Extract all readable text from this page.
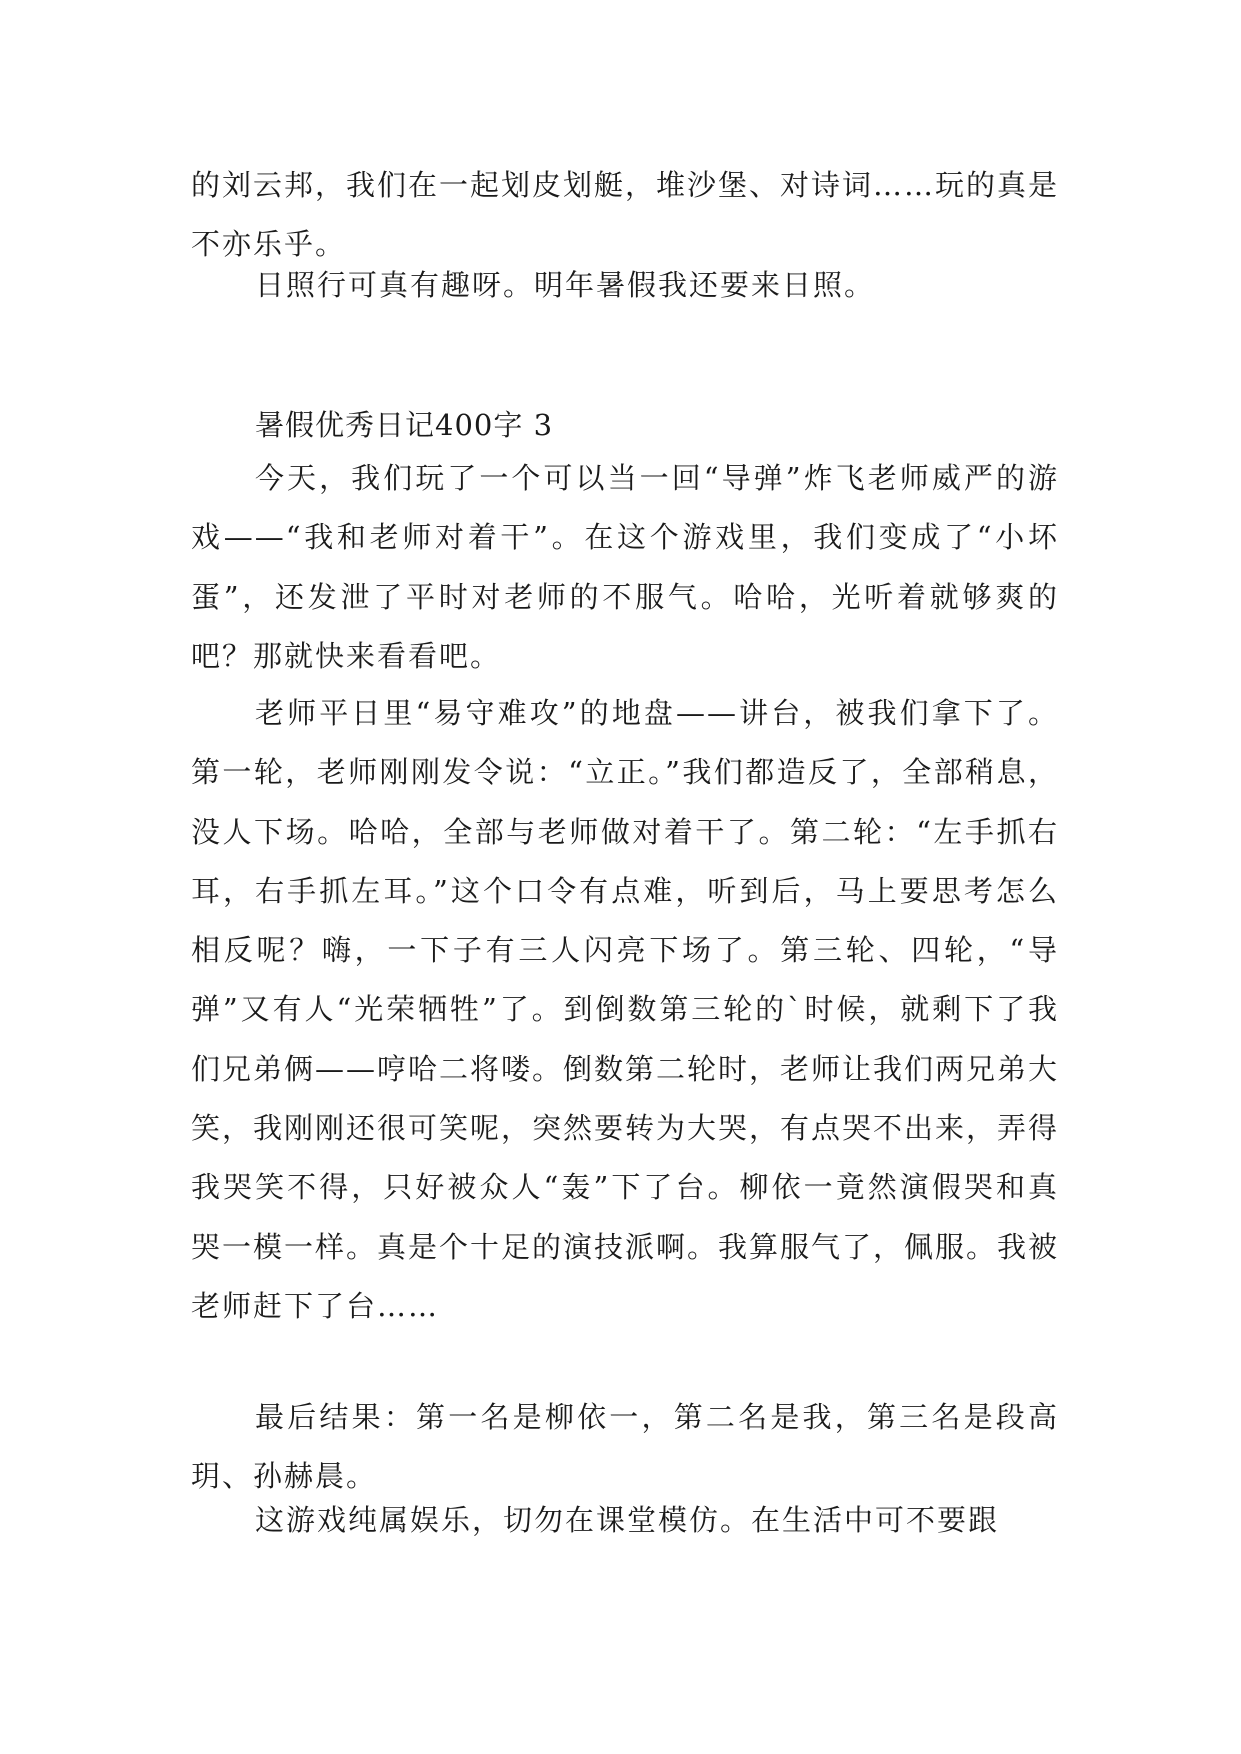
的刘云邦，我们在一起划皮划艇，堆沙堡、对诗词……玩的真是不亦乐乎。

日照行可真有趣呀。明年暑假我还要来日照。

暑假优秀日记400字 3

今天，我们玩了一个可以当一回“导弹”炸飞老师威严的游戏——“我和老师对着干”。在这个游戏里，我们变成了“小坏蛋”，还发泄了平时对老师的不服气。哈哈，光听着就够爽的吧？那就快来看看吧。

老师平日里“易守难攻”的地盘——讲台，被我们拿下了。第一轮，老师刚刚发令说：“立正。”我们都造反了，全部稍息，没人下场。哈哈，全部与老师做对着干了。第二轮：“左手抓右耳，右手抓左耳。”这个口令有点难，听到后，马上要思考怎么相反呢？嗨，一下子有三人闪亮下场了。第三轮、四轮，“导弹”又有人“光荣牺牲”了。到倒数第三轮的`时候，就剩下了我们兄弟俩——哼哈二将喽。倒数第二轮时，老师让我们两兄弟大笑，我刚刚还很可笑呢，突然要转为大哭，有点哭不出来，弄得我哭笑不得，只好被众人“轰”下了台。柳依一竟然演假哭和真哭一模一样。真是个十足的演技派啊。我算服气了，佩服。我被老师赶下了台……

最后结果：第一名是柳依一，第二名是我，第三名是段高玥、孙赫晨。

这游戏纯属娱乐，切勿在课堂模仿。在生活中可不要跟
